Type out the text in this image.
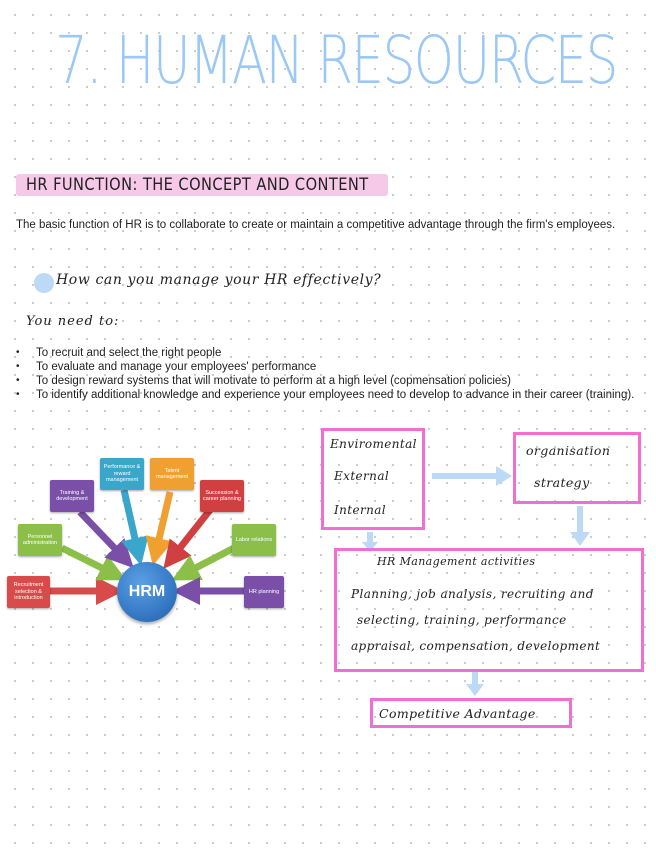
7. HUMAN RESOURCES
HR FUNCTION: THE CONCEPT AND CONTENT
The basic function of HR is to collaborate to create or maintain a competitive advantage through the firm's employees.
How can you manage your HR effectively?
You need to:
• To recruit and select the right people
• To evaluate and manage your employees' performance
• To design reward systems that will motivate to perform at a high level (copmensation policies)
• To identify additional knowledge and experience your employees need to develop to advance in their career (training).
Recruitment selection & introduction
Personnel administration
Training & development
Performance & reward management
Talent management
Succession & career planning
Labor relations
HR planning
HRM
Enviromental
External
Internal
organisation
strategy
HR Management activities
Planning, job analysis, recruiting and
selecting, training, performance
appraisal, compensation, development
Competitive Advantage
